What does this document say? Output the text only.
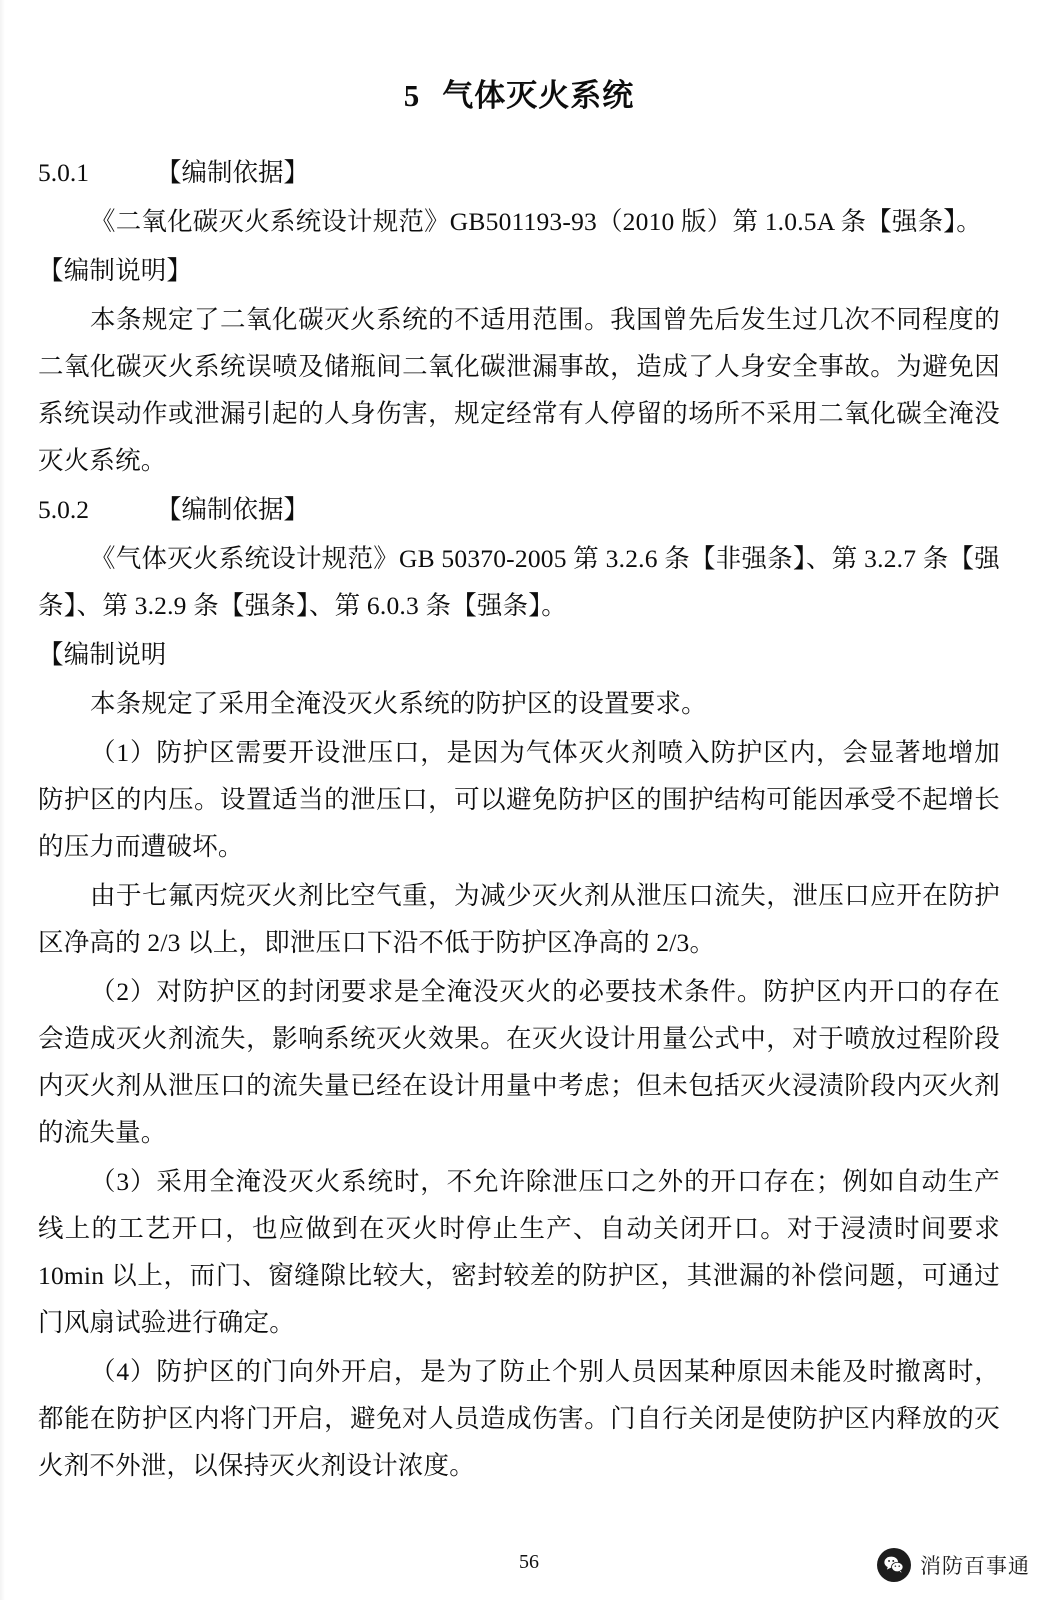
5 气体灭火系统
5.0.1	【编制依据】

《二氧化碳灭火系统设计规范》GB501193-93（2010 版）第 1.0.5A 条【强条】。

【编制说明】

本条规定了二氧化碳灭火系统的不适用范围。我国曾先后发生过几次不同程度的二氧化碳灭火系统误喷及储瓶间二氧化碳泄漏事故，造成了人身安全事故。为避免因系统误动作或泄漏引起的人身伤害，规定经常有人停留的场所不采用二氧化碳全淹没灭火系统。

5.0.2	【编制依据】

《气体灭火系统设计规范》GB 50370-2005 第 3.2.6 条【非强条】、第 3.2.7 条【强条】、第 3.2.9 条【强条】、第 6.0.3 条【强条】。

【编制说明

本条规定了采用全淹没灭火系统的防护区的设置要求。

（1）防护区需要开设泄压口，是因为气体灭火剂喷入防护区内，会显著地增加防护区的内压。设置适当的泄压口，可以避免防护区的围护结构可能因承受不起增长的压力而遭破坏。

由于七氟丙烷灭火剂比空气重，为减少灭火剂从泄压口流失，泄压口应开在防护区净高的 2/3 以上，即泄压口下沿不低于防护区净高的 2/3。

（2）对防护区的封闭要求是全淹没灭火的必要技术条件。防护区内开口的存在会造成灭火剂流失，影响系统灭火效果。在灭火设计用量公式中，对于喷放过程阶段内灭火剂从泄压口的流失量已经在设计用量中考虑；但未包括灭火浸渍阶段内灭火剂的流失量。

（3）采用全淹没灭火系统时，不允许除泄压口之外的开口存在；例如自动生产线上的工艺开口，也应做到在灭火时停止生产、自动关闭开口。对于浸渍时间要求 10min 以上，而门、窗缝隙比较大，密封较差的防护区，其泄漏的补偿问题，可通过门风扇试验进行确定。

（4）防护区的门向外开启，是为了防止个别人员因某种原因未能及时撤离时，都能在防护区内将门开启，避免对人员造成伤害。门自行关闭是使防护区内释放的灭火剂不外泄，以保持灭火剂设计浓度。

56	消防百事通
